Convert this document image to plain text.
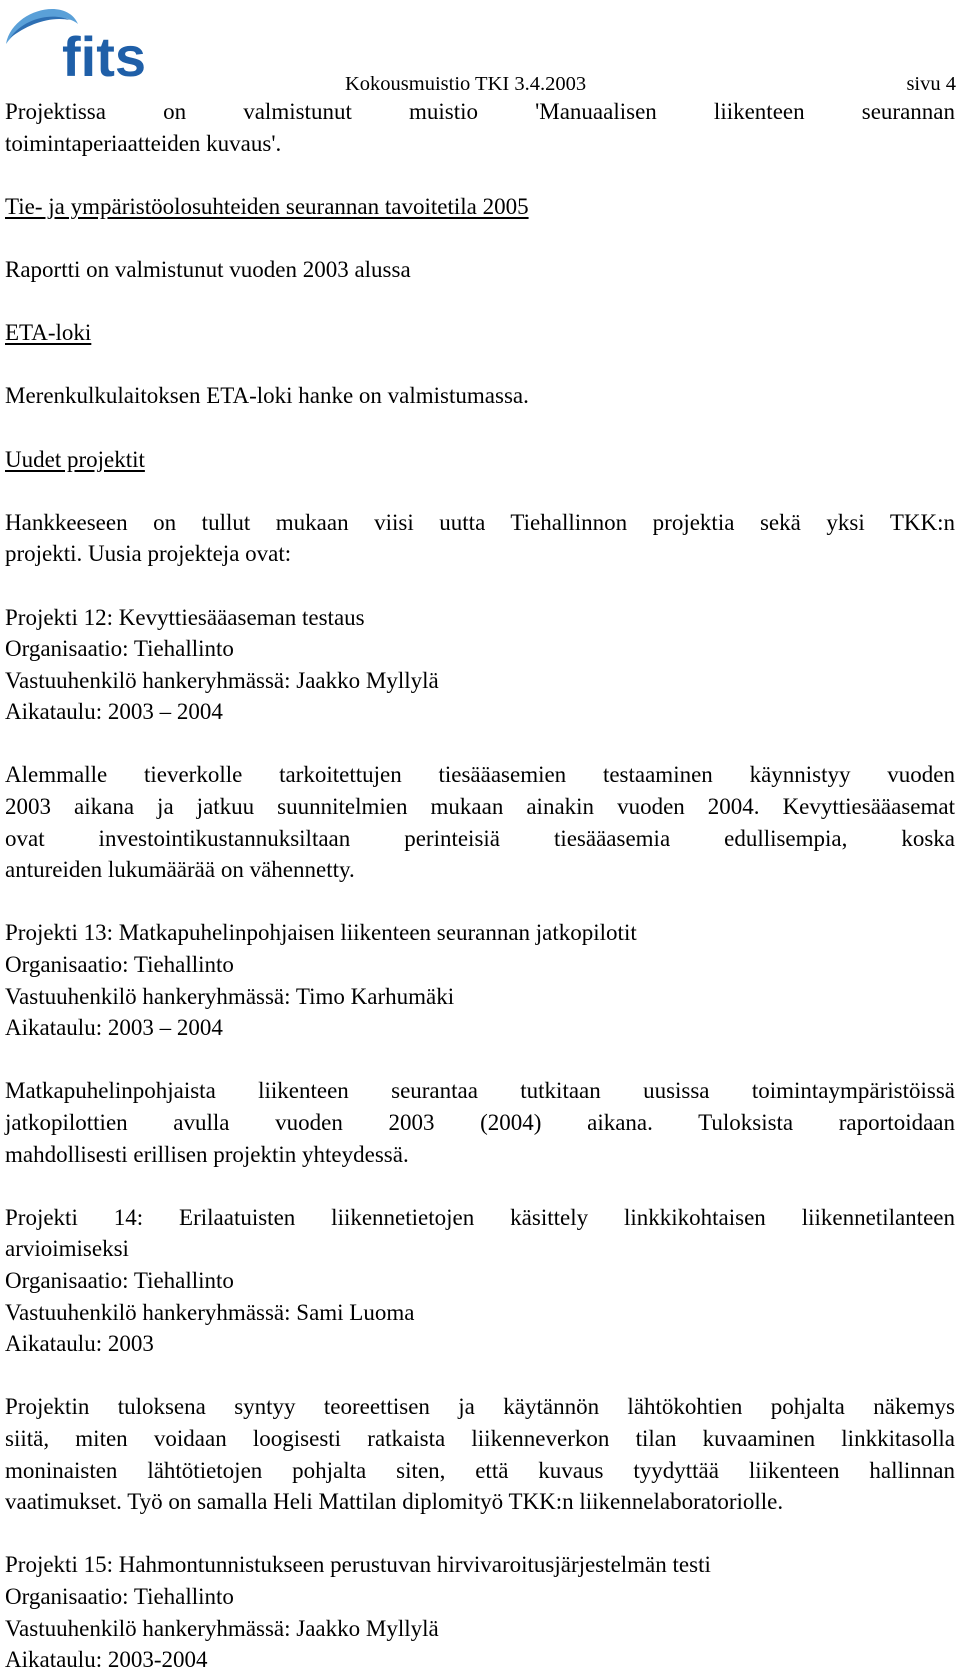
fits	Kokousmuistio TKI 3.4.2003	sivu 4
Projektissa on valmistunut muistio 'Manuaalisen liikenteen seurannan
toimintaperiaatteiden kuvaus'.
Tie- ja ympäristöolosuhteiden seurannan tavoitetila 2005
Raportti on valmistunut vuoden 2003 alussa
ETA-loki
Merenkulkulaitoksen ETA-loki hanke on valmistumassa.
Uudet projektit
Hankkeeseen on tullut mukaan viisi uutta Tiehallinnon projektia sekä yksi TKK:n
projekti. Uusia projekteja ovat:
Projekti 12: Kevyttiesääaseman testaus
Organisaatio: Tiehallinto
Vastuuhenkilö hankeryhmässä: Jaakko Myllylä
Aikataulu: 2003 – 2004
Alemmalle tieverkolle tarkoitettujen tiesääasemien testaaminen käynnistyy vuoden
2003 aikana ja jatkuu suunnitelmien mukaan ainakin vuoden 2004. Kevyttiesääasemat
ovat investointikustannuksiltaan perinteisiä tiesääasemia edullisempia, koska
antureiden lukumäärää on vähennetty.
Projekti 13: Matkapuhelinpohjaisen liikenteen seurannan jatkopilotit
Organisaatio: Tiehallinto
Vastuuhenkilö hankeryhmässä: Timo Karhumäki
Aikataulu: 2003 – 2004
Matkapuhelinpohjaista liikenteen seurantaa tutkitaan uusissa toimintaympäristöissä
jatkopilottien avulla vuoden 2003 (2004) aikana. Tuloksista raportoidaan
mahdollisesti erillisen projektin yhteydessä.
Projekti 14: Erilaatuisten liikennetietojen käsittely linkkikohtaisen liikennetilanteen
arvioimiseksi
Organisaatio: Tiehallinto
Vastuuhenkilö hankeryhmässä: Sami Luoma
Aikataulu: 2003
Projektin tuloksena syntyy teoreettisen ja käytännön lähtökohtien pohjalta näkemys
siitä, miten voidaan loogisesti ratkaista liikenneverkon tilan kuvaaminen linkkitasolla
moninaisten lähtötietojen pohjalta siten, että kuvaus tyydyttää liikenteen hallinnan
vaatimukset. Työ on samalla Heli Mattilan diplomityö TKK:n liikennelaboratoriolle.
Projekti 15: Hahmontunnistukseen perustuvan hirvivaroitusjärjestelmän testi
Organisaatio: Tiehallinto
Vastuuhenkilö hankeryhmässä: Jaakko Myllylä
Aikataulu: 2003-2004
